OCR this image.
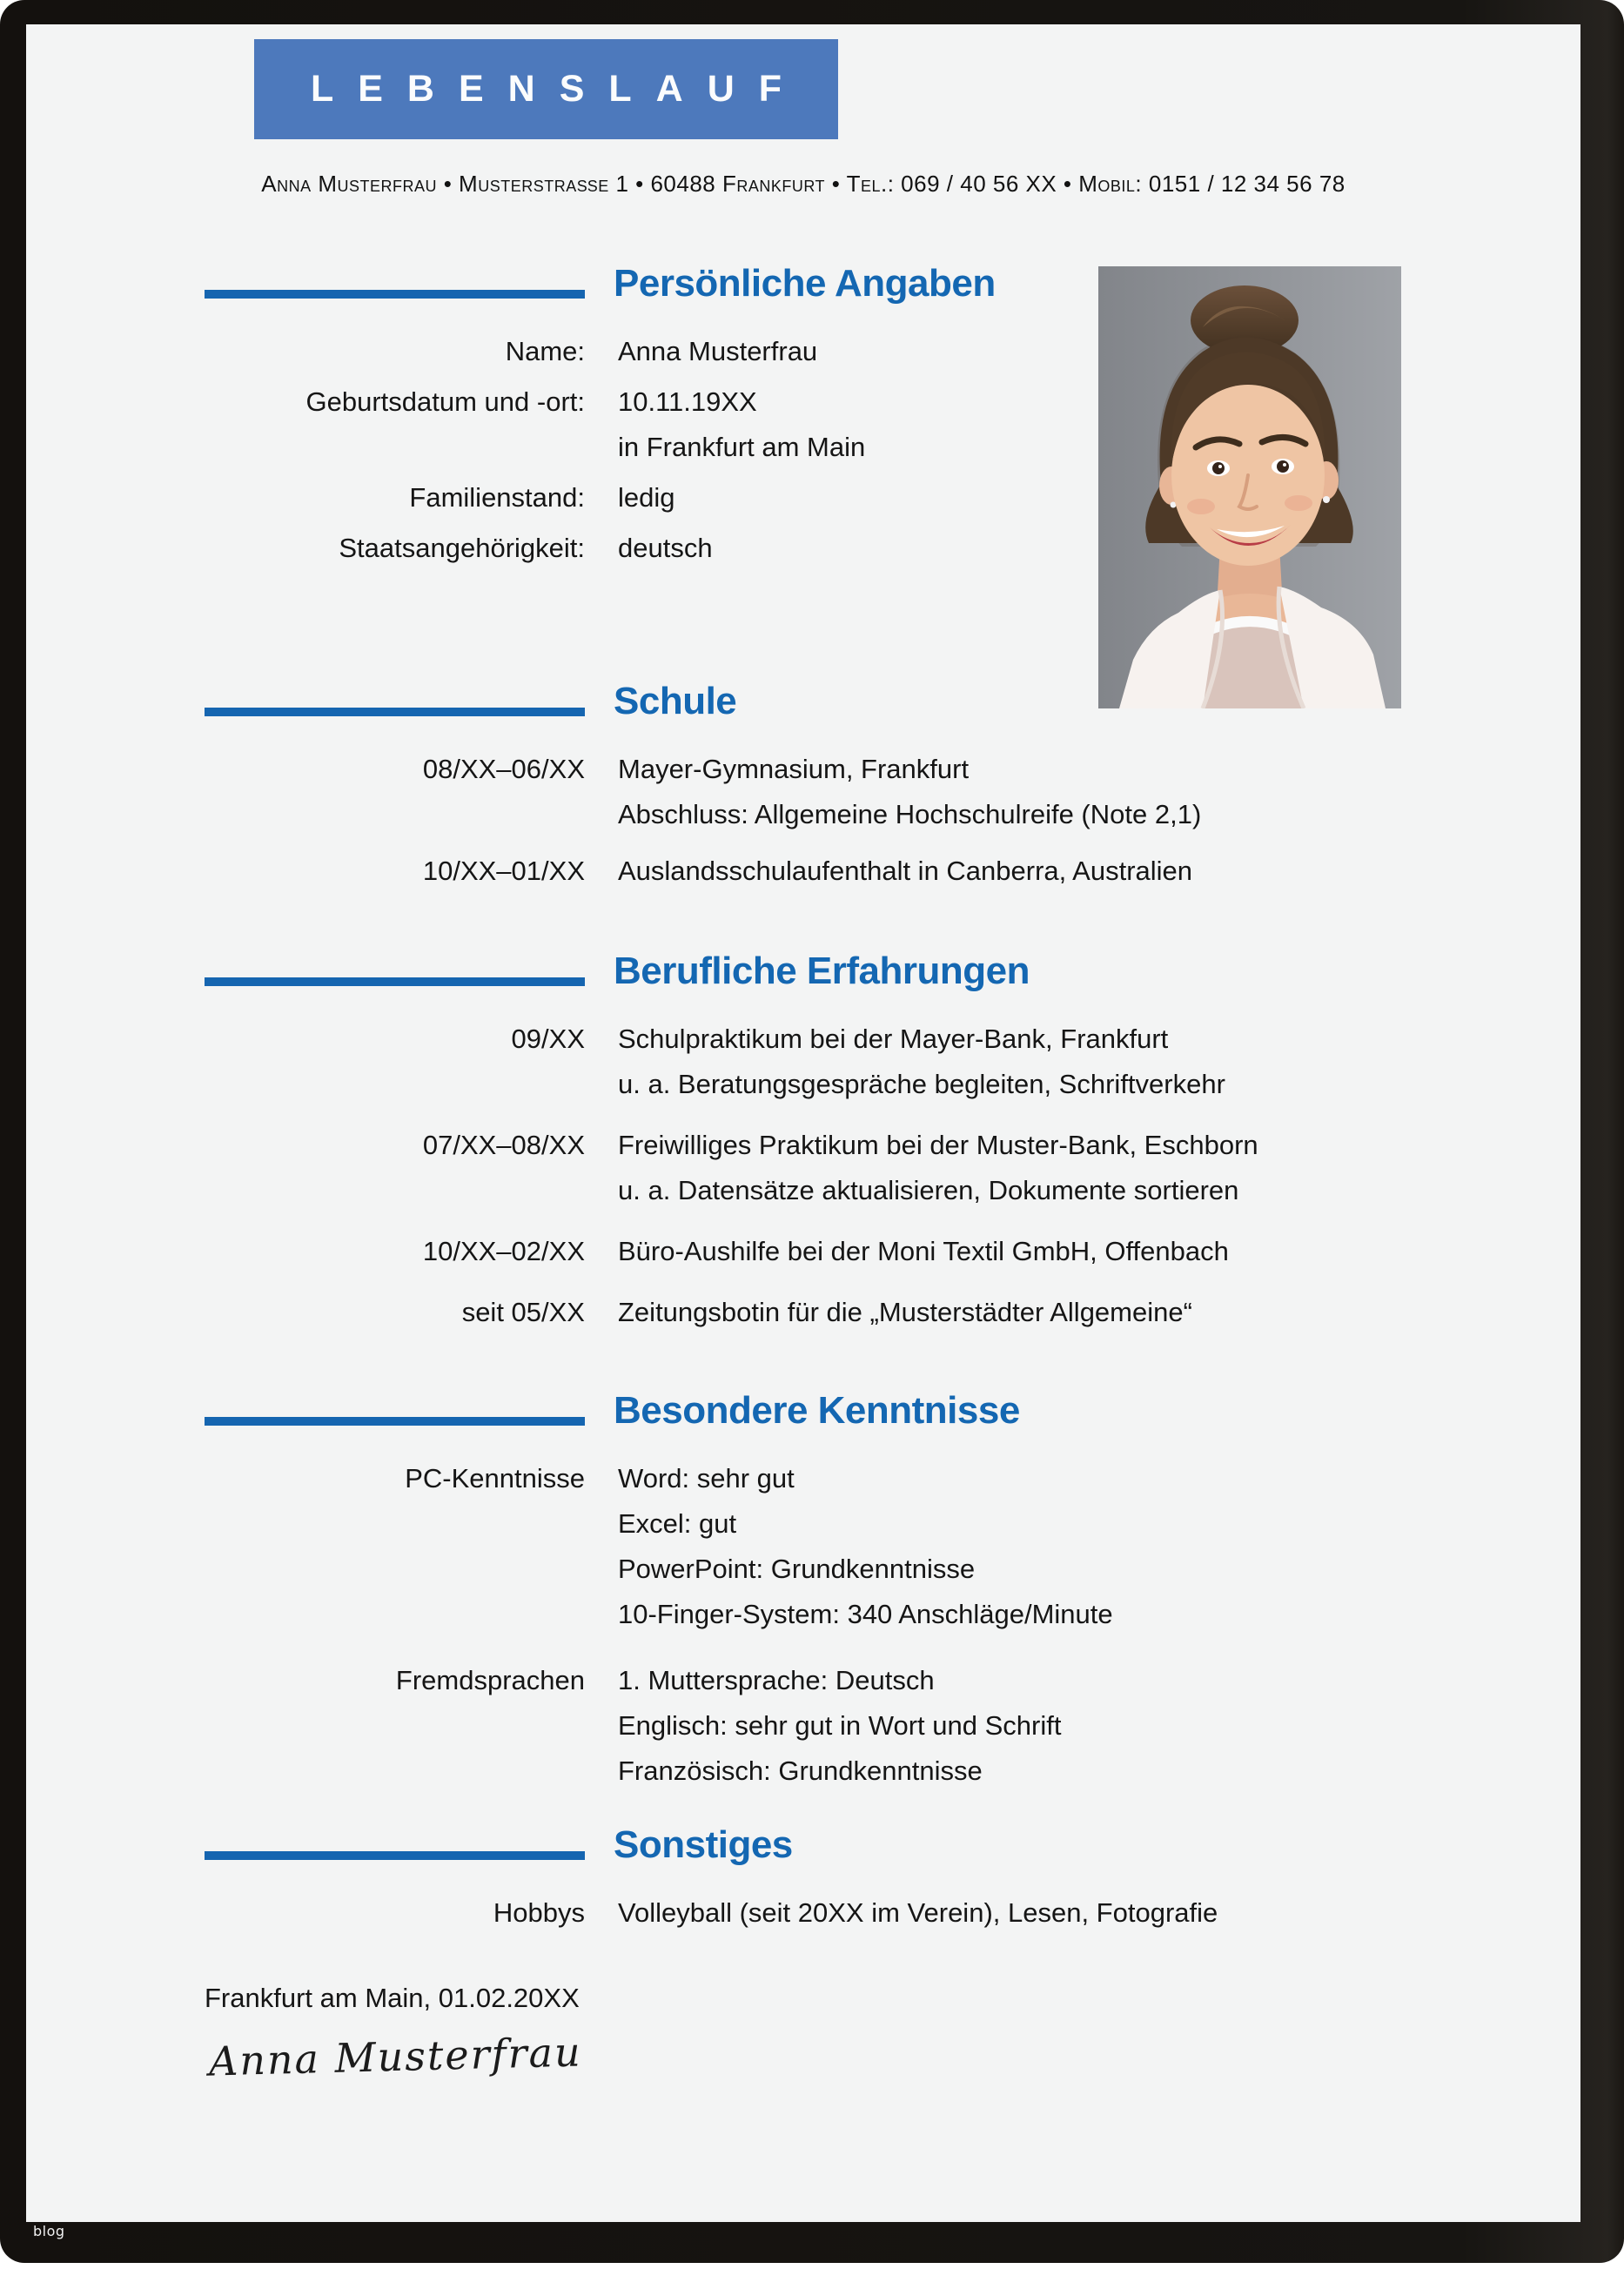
blog
LEBENSLAUF
Anna Musterfrau • Musterstraße 1 • 60488 Frankfurt • Tel.: 069 / 40 56 XX • Mobil: 0151 / 12 34 56 78
Persönliche Angaben
Name: Anna Musterfrau
Geburtsdatum und -ort: 10.11.19XX
in Frankfurt am Main
Familienstand: ledig
Staatsangehörigkeit: deutsch
Schule
08/XX–06/XX Mayer-Gymnasium, Frankfurt
Abschluss: Allgemeine Hochschulreife (Note 2,1)
10/XX–01/XX Auslandsschulaufenthalt in Canberra, Australien
Berufliche Erfahrungen
09/XX Schulpraktikum bei der Mayer-Bank, Frankfurt
u. a. Beratungsgespräche begleiten, Schriftverkehr
07/XX–08/XX Freiwilliges Praktikum bei der Muster-Bank, Eschborn
u. a. Datensätze aktualisieren, Dokumente sortieren
10/XX–02/XX Büro-Aushilfe bei der Moni Textil GmbH, Offenbach
seit 05/XX Zeitungsbotin für die „Musterstädter Allgemeine“
Besondere Kenntnisse
PC-Kenntnisse Word: sehr gut
Excel: gut
PowerPoint: Grundkenntnisse
10-Finger-System: 340 Anschläge/Minute
Fremdsprachen 1. Muttersprache: Deutsch
Englisch: sehr gut in Wort und Schrift
Französisch: Grundkenntnisse
Sonstiges
Hobbys Volleyball (seit 20XX im Verein), Lesen, Fotografie
Frankfurt am Main, 01.02.20XX
Anna Musterfrau
